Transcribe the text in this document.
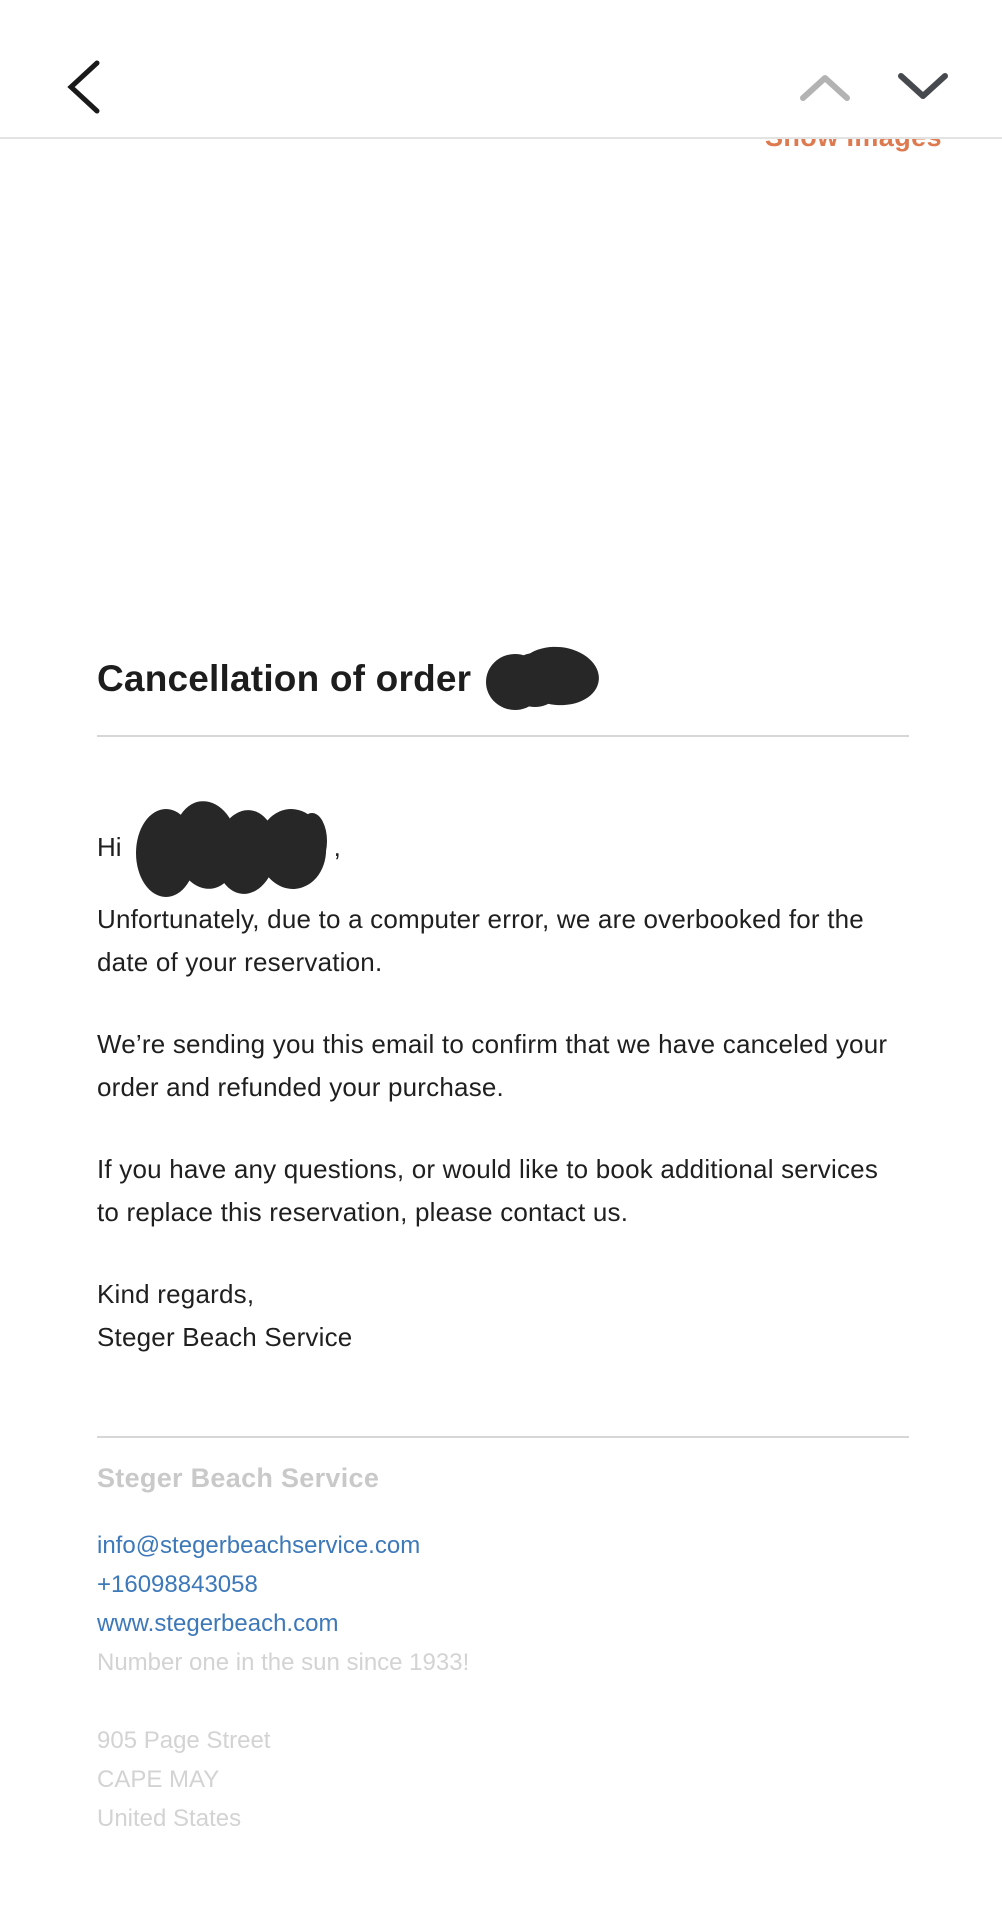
Cancellation of order
Hi	,

Unfortunately, due to a computer error, we are overbooked for the date of your reservation.

We’re sending you this email to confirm that we have canceled your order and refunded your purchase.

If you have any questions, or would like to book additional services to replace this reservation, please contact us.

Kind regards,
Steger Beach Service

Steger Beach Service

info@stegerbeachservice.com
+16098843058
www.stegerbeach.com
Number one in the sun since 1933!
905 Page Street
CAPE MAY
United States
